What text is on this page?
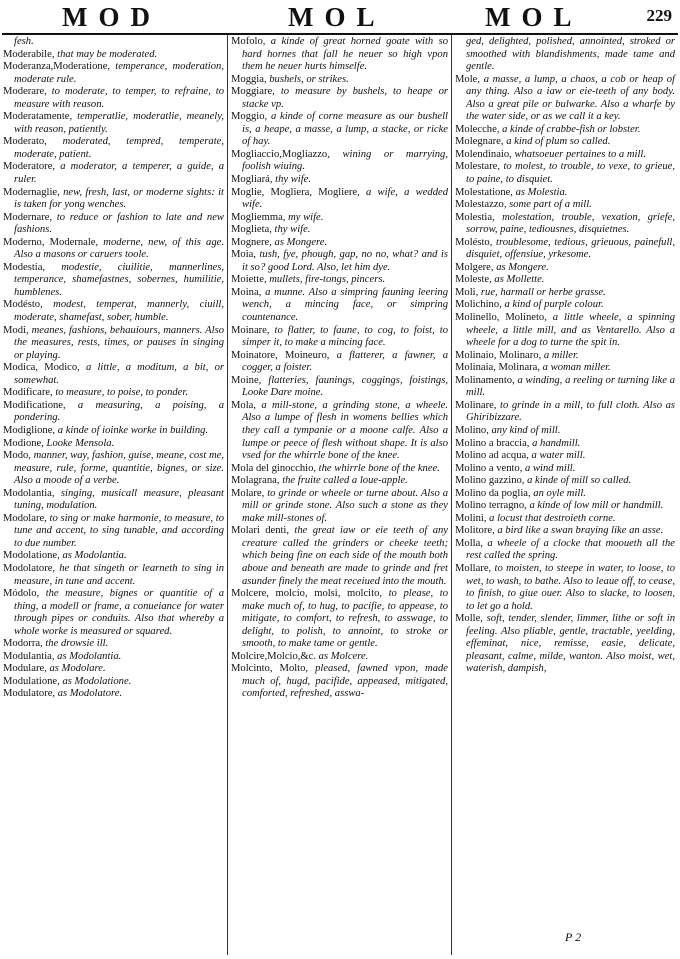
MOD	MOL	MOL	229

fesh.

Moderabile, that may be moderated.

Moderanza,Moderatione, temperance, moderation, moderate rule.

Moderare, to moderate, to temper, to refraine, to measure with reason.

Moderatamente, temperatlie, moderatlie, meanely, with reason, patiently.

Moderato, moderated, tempred, temperate, moderate, patient.

Moderatore, a moderator, a temperer, a guide, a ruler.

Modernaglie, new, fresh, last, or moderne sights: it is taken for yong wenches.

Modernare, to reduce or fashion to late and new fashions.

Moderno, Modernale, moderne, new, of this age. Also a masons or caruers toole.

Modestia, modestie, ciuilitie, mannerlines, temperance, shamefastnes, sobernes, humilitie, humblenes.

Modésto, modest, temperat, mannerly, ciuill, moderate, shamefast, sober, humble.

Modi, meanes, fashions, behauiours, manners. Also the measures, rests, times, or pauses in singing or playing.

Modica, Modico, a little, a moditum, a bit, or somewhat.

Modificare, to measure, to poise, to ponder.

Modificatione, a measuring, a poising, a pondering.

Modiglione, a kinde of ioinke worke in building.

Modione, Looke Mensola.

Modo, manner, way, fashion, guise, meane, cost me, measure, rule, forme, quantitie, bignes, or size. Also a moode of a verbe.

Modolantia, singing, musicall measure, pleasant tuning, modulation.

Modolare, to sing or make harmonie, to measure, to tune and accent, to sing tunable, and according to due number.

Modolatione, as Modolantia.

Modolatore, he that singeth or learneth to sing in measure, in tune and accent.

Módolo, the measure, bignes or quantitie of a thing, a modell or frame, a conueiance for water through pipes or conduits. Also that whereby a whole worke is measured or squared.

Modorra, the drowsie ill.

Modulantia, as Modolantia.

Modulare, as Modolare.

Modulatione, as Modolatione.

Modulatore, as Modolatore.

Mofolo, a kinde of great horned goate with so hard hornes that fall he neuer so high vpon them he neuer hurts himselfe.

Moggia, bushels, or strikes.

Moggiare, to measure by bushels, to heape or stacke vp.

Moggio, a kinde of corne measure as our bushell is, a heape, a masse, a lump, a stacke, or ricke of hay.

Mogliaccio,Mogliazzo, wining or marrying, foolish wiuing.

Mogliará, thy wife.

Moglie, Mogliera, Mogliere, a wife, a wedded wife.

Mogliemma, my wife.

Moglieta, thy wife.

Mognere, as Mongere.

Moia, tush, fye, phough, gap, no no, what? and is it so? good Lord. Also, let him dye.

Moiette, mullets, fire-tongs, pincers.

Moina, a munne. Also a simpring fauning leering wench, a mincing face, or simpring countenance.

Moinare, to flatter, to faune, to cog, to foist, to simper it, to make a mincing face.

Moinatore, Moineuro, a flatterer, a fawner, a cogger, a foister.

Moine, flatteries, faunings, coggings, foistings, Looke Dare moine.

Mola, a mill-stone, a grinding stone, a wheele. Also a lumpe of flesh in womens bellies which they call a tympanie or a moone calfe. Also a lumpe or peece of flesh without shape. It is also vsed for the whirrle bone of the knee.

Mola del ginocchio, the whirrle bone of the knee.

Molagrana, the fruite called a loue-apple.

Molare, to grinde or wheele or turne about. Also a mill or grinde stone. Also such a stone as they make mill-stones of.

Molari denti, the great iaw or eie teeth of any creature called the grinders or cheeke teeth; which being fine on each side of the mouth both aboue and beneath are made to grinde and fret asunder finely the meat receiued into the mouth.

Molcere, molcio, molsi, molcito, to please, to make much of, to hug, to pacifie, to appease, to mitigate, to comfort, to refresh, to asswage, to delight, to polish, to annoint, to stroke or smooth, to make tame or gentle.

Molcire,Molcio,&c. as Molcere.

Molcinto, Molto, pleased, fawned vpon, made much of, hugd, pacifide, appeased, mitigated, comforted, refreshed, asswa-

ged, delighted, polished, annointed, stroked or smoothed with blandishments, made tame and gentle.

Mole, a masse, a lump, a chaos, a cob or heap of any thing. Also a iaw or eie-teeth of any body. Also a great pile or bulwarke. Also a wharfe by the water side, or as we call it a key.

Molecche, a kinde of crabbe-fish or lobster.

Molegnare, a kind of plum so called.

Molendinaio, whatsoeuer pertaines to a mill.

Molestare, to molest, to trouble, to vexe, to grieue, to paine, to disquiet.

Molestatione, as Molestia.

Molestazzo, some part of a mill.

Molestia, molestation, trouble, vexation, griefe, sorrow, paine, tediousnes, disquietnes.

Molésto, troublesome, tedious, grieuous, painefull, disquiet, offensiue, yrkesome.

Molgere, as Mongere.

Moleste, as Mollette.

Moli, rue, harmall or herbe grasse.

Molichino, a kind of purple colour.

Molinello, Molineto, a little wheele, a spinning wheele, a little mill, and as Ventarello. Also a wheele for a dog to turne the spit in.

Molinaio, Molinaro, a miller.

Molinaia, Molinara, a woman miller.

Molinamento, a winding, a reeling or turning like a mill.

Molinare, to grinde in a mill, to full cloth. Also as Ghiribizzare.

Molino, any kind of mill.

Molino a braccia, a handmill.

Molino ad acqua, a water mill.

Molino a vento, a wind mill.

Molino gazzino, a kinde of mill so called.

Molino da poglia, an oyle mill.

Molino terragno, a kinde of low mill or handmill.

Molini, a locust that destroieth corne.

Molitore, a bird like a swan braying like an asse.

Molla, a wheele of a clocke that mooueth all the rest called the spring.

Mollare, to moisten, to steepe in water, to loose, to wet, to wash, to bathe. Also to leaue off, to cease, to finish, to giue ouer. Also to slacke, to loosen, to let go a hold.

Molle, soft, tender, slender, limmer, lithe or soft in feeling. Also pliable, gentle, tractable, yeelding, effeminat, nice, remisse, easie, delicate, pleasant, calme, milde, wanton. Also moist, wet, waterish, dampish,

P 2
